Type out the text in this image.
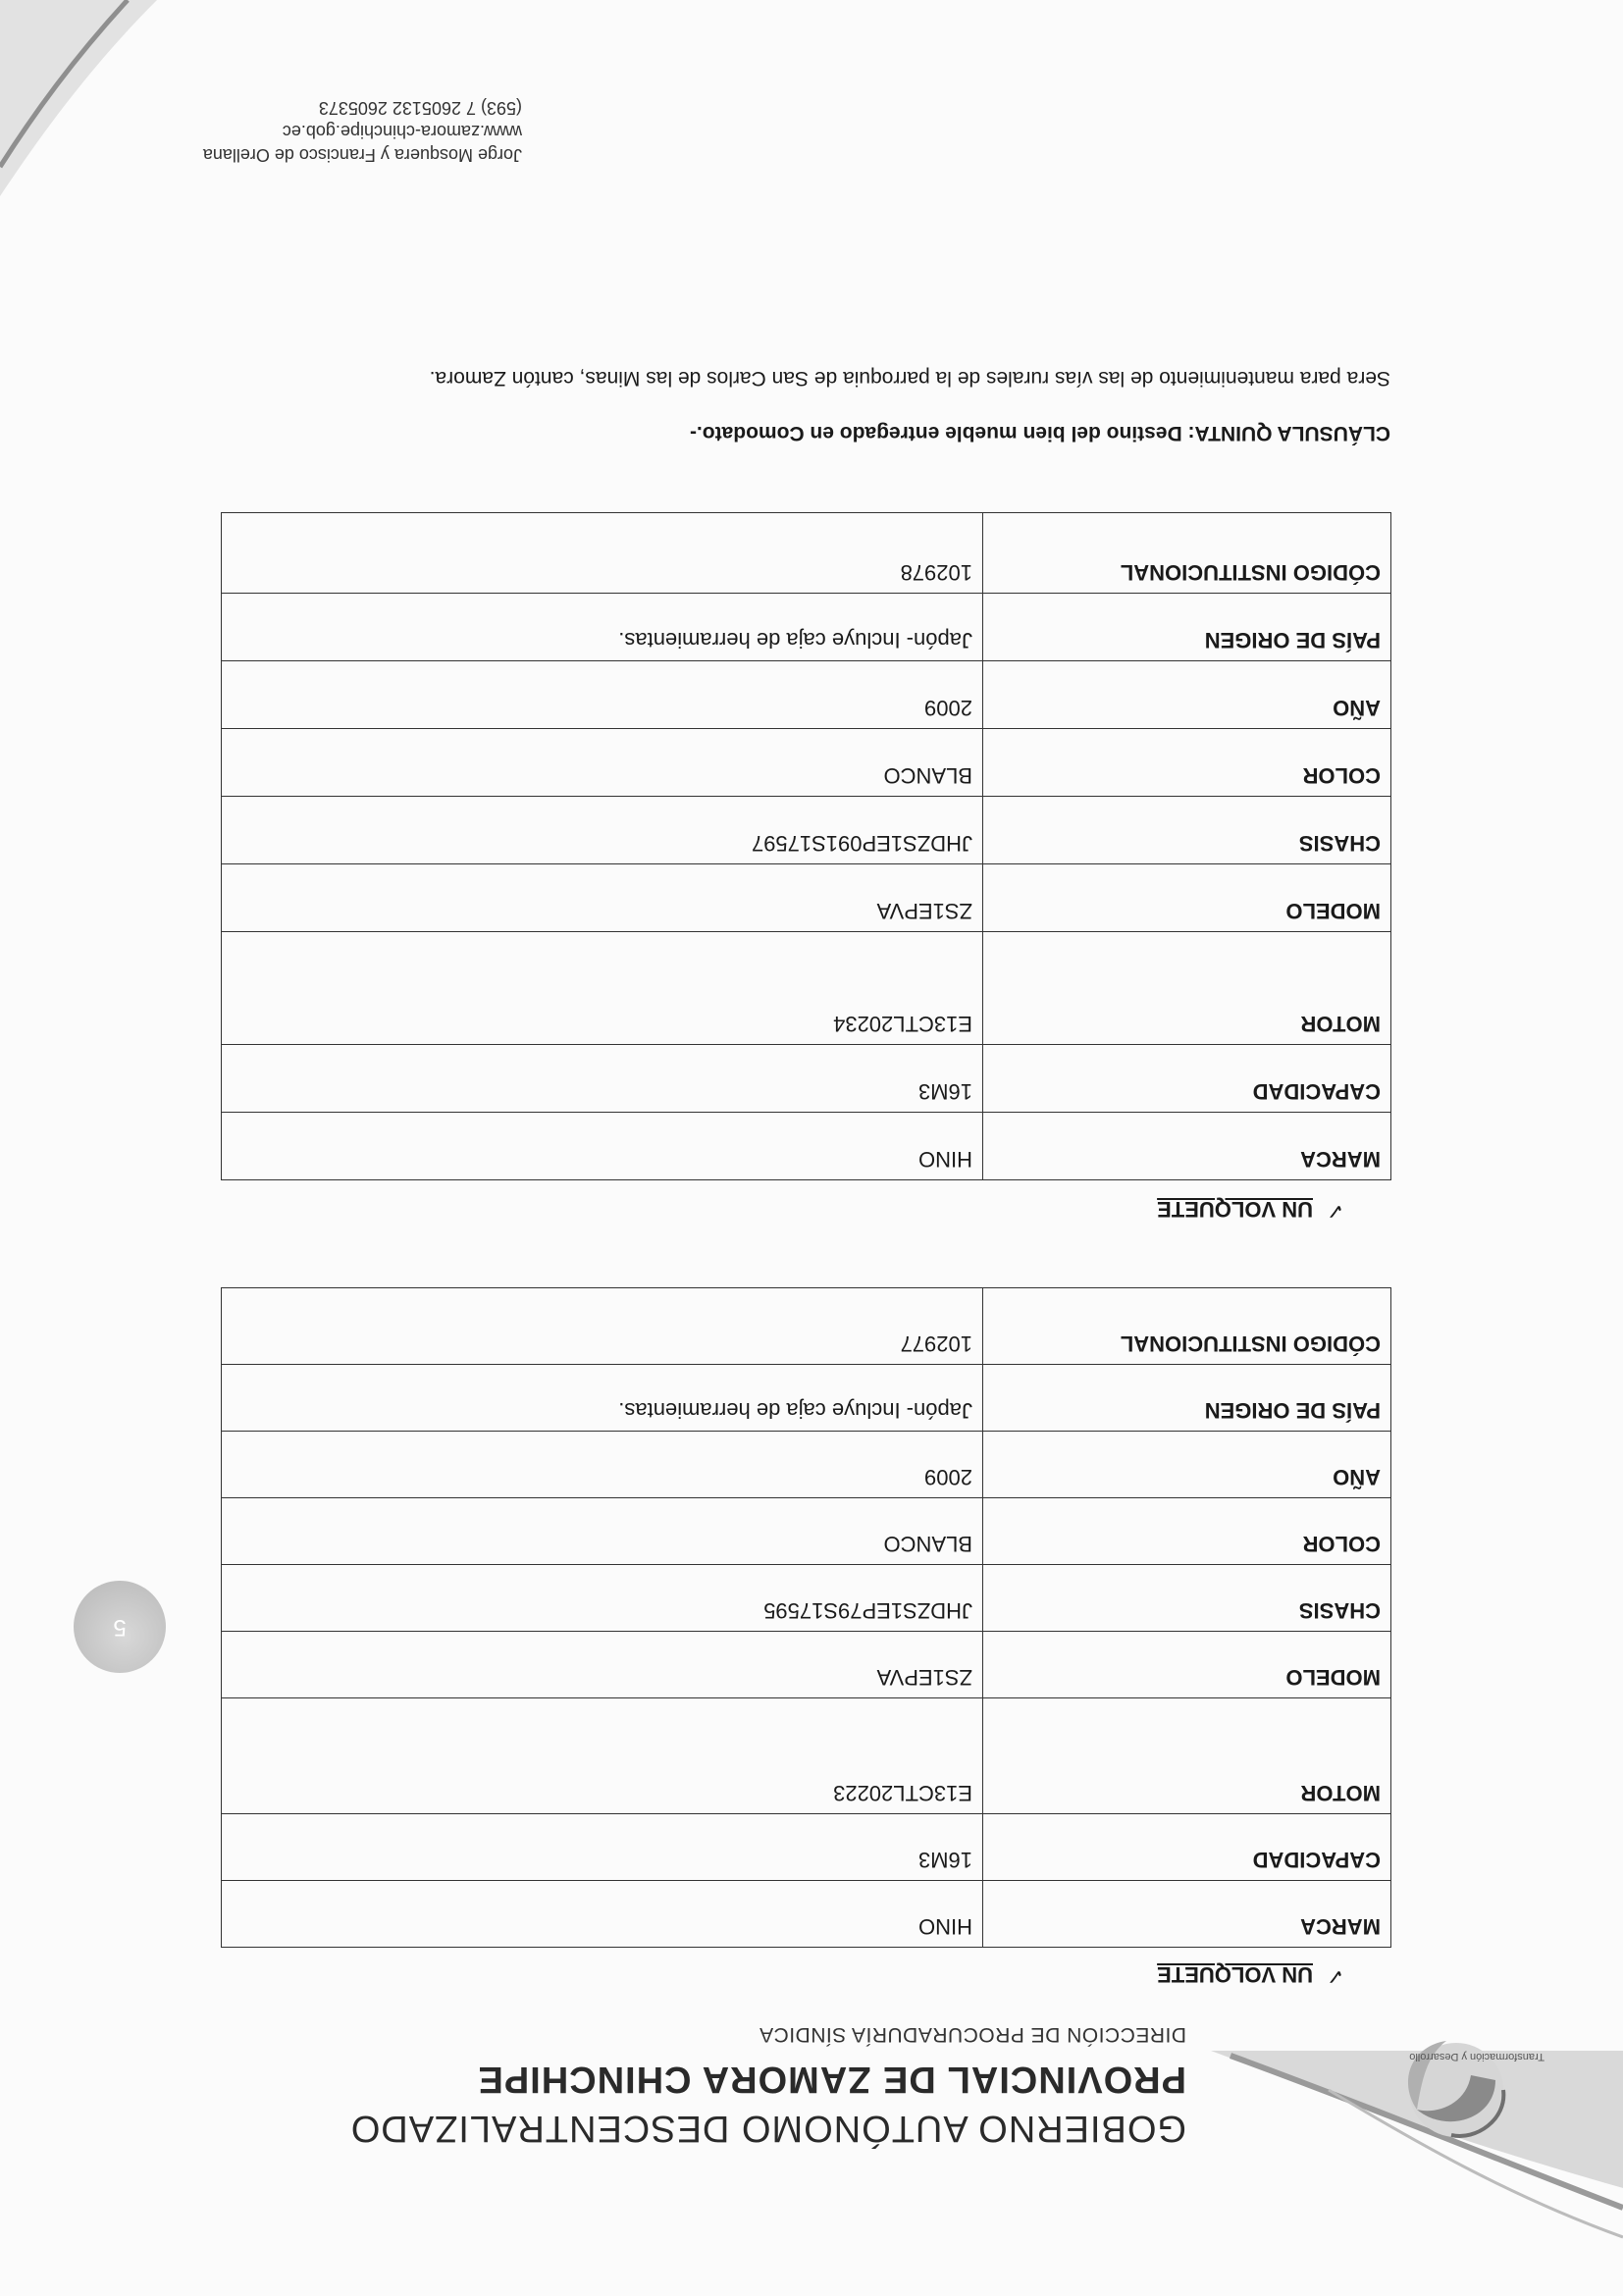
Transformación y Desarrollo
GOBIERNO AUTÓNOMO DESCENTRALIZADO
PROVINCIAL DE ZAMORA CHINCHIPE
DIRECCIÓN DE PROCURADURÍA SÍNDICA
5
✓
UN VOLQUETE
MARCA	HINO
CAPACIDAD	16M3
MOTOR	E13CTL20223
MODELO	ZS1EPVA
CHASIS	JHDZS1EP79S17595
COLOR	BLANCO
AÑO	2009
PAÍS DE ORIGEN	Japón- Incluye caja de herramientas.
CÓDIGO INSTITUCIONAL	102977
✓
UN VOLQUETE
MARCA	HINO
CAPACIDAD	16M3
MOTOR	E13CTL20234
MODELO	ZS1EPVA
CHASIS	JHDZS1EP091S17597
COLOR	BLANCO
AÑO	2009
PAÍS DE ORIGEN	Japón- Incluye caja de herramientas.
CÓDIGO INSTITUCIONAL	102978
CLÁUSULA QUINTA: Destino del bien mueble entregado en Comodato.-
Sera para mantenimiento de las vías rurales de la parroquia de San Carlos de las Minas, cantón Zamora.
Jorge Mosquera y Francisco de Orellana
www.zamora-chinchipe.gob.ec
(593) 7 2605132 2605373
